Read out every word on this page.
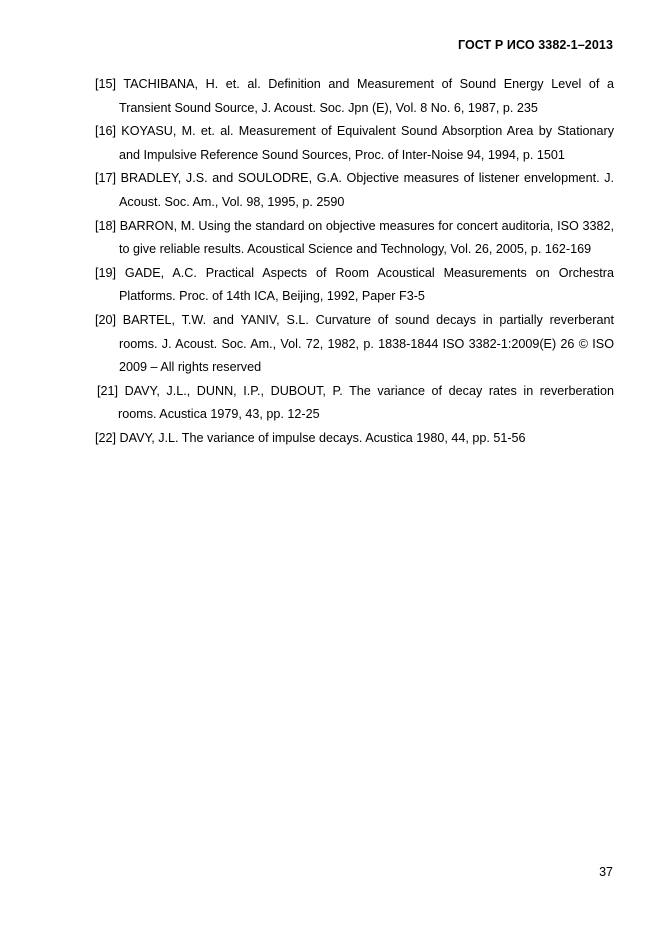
ГОСТ Р ИСО 3382-1–2013

[15] TACHIBANA, H. et. al. Definition and Measurement of Sound Energy Level of a Transient Sound Source, J. Acoust. Soc. Jpn (E), Vol. 8 No. 6, 1987, p. 235

[16] KOYASU, M. et. al. Measurement of Equivalent Sound Absorption Area by Stationary and Impulsive Reference Sound Sources, Proc. of Inter-Noise 94, 1994, p. 1501

[17] BRADLEY, J.S. and SOULODRE, G.A. Objective measures of listener envelopment. J. Acoust. Soc. Am., Vol. 98, 1995, p. 2590

[18] BARRON, M. Using the standard on objective measures for concert auditoria, ISO 3382, to give reliable results. Acoustical Science and Technology, Vol. 26, 2005, p. 162-169

[19] GADE, A.C. Practical Aspects of Room Acoustical Measurements on Orchestra Platforms. Proc. of 14th ICA, Beijing, 1992, Paper F3-5

[20] BARTEL, T.W. and YANIV, S.L. Curvature of sound decays in partially reverberant rooms. J. Acoust. Soc. Am., Vol. 72, 1982, p. 1838-1844 ISO 3382-1:2009(E) 26 © ISO 2009 – All rights reserved

[21] DAVY, J.L., DUNN, I.P., DUBOUT, P. The variance of decay rates in reverberation rooms. Acustica 1979, 43, pp. 12-25

[22] DAVY, J.L. The variance of impulse decays. Acustica 1980, 44, pp. 51-56

37
